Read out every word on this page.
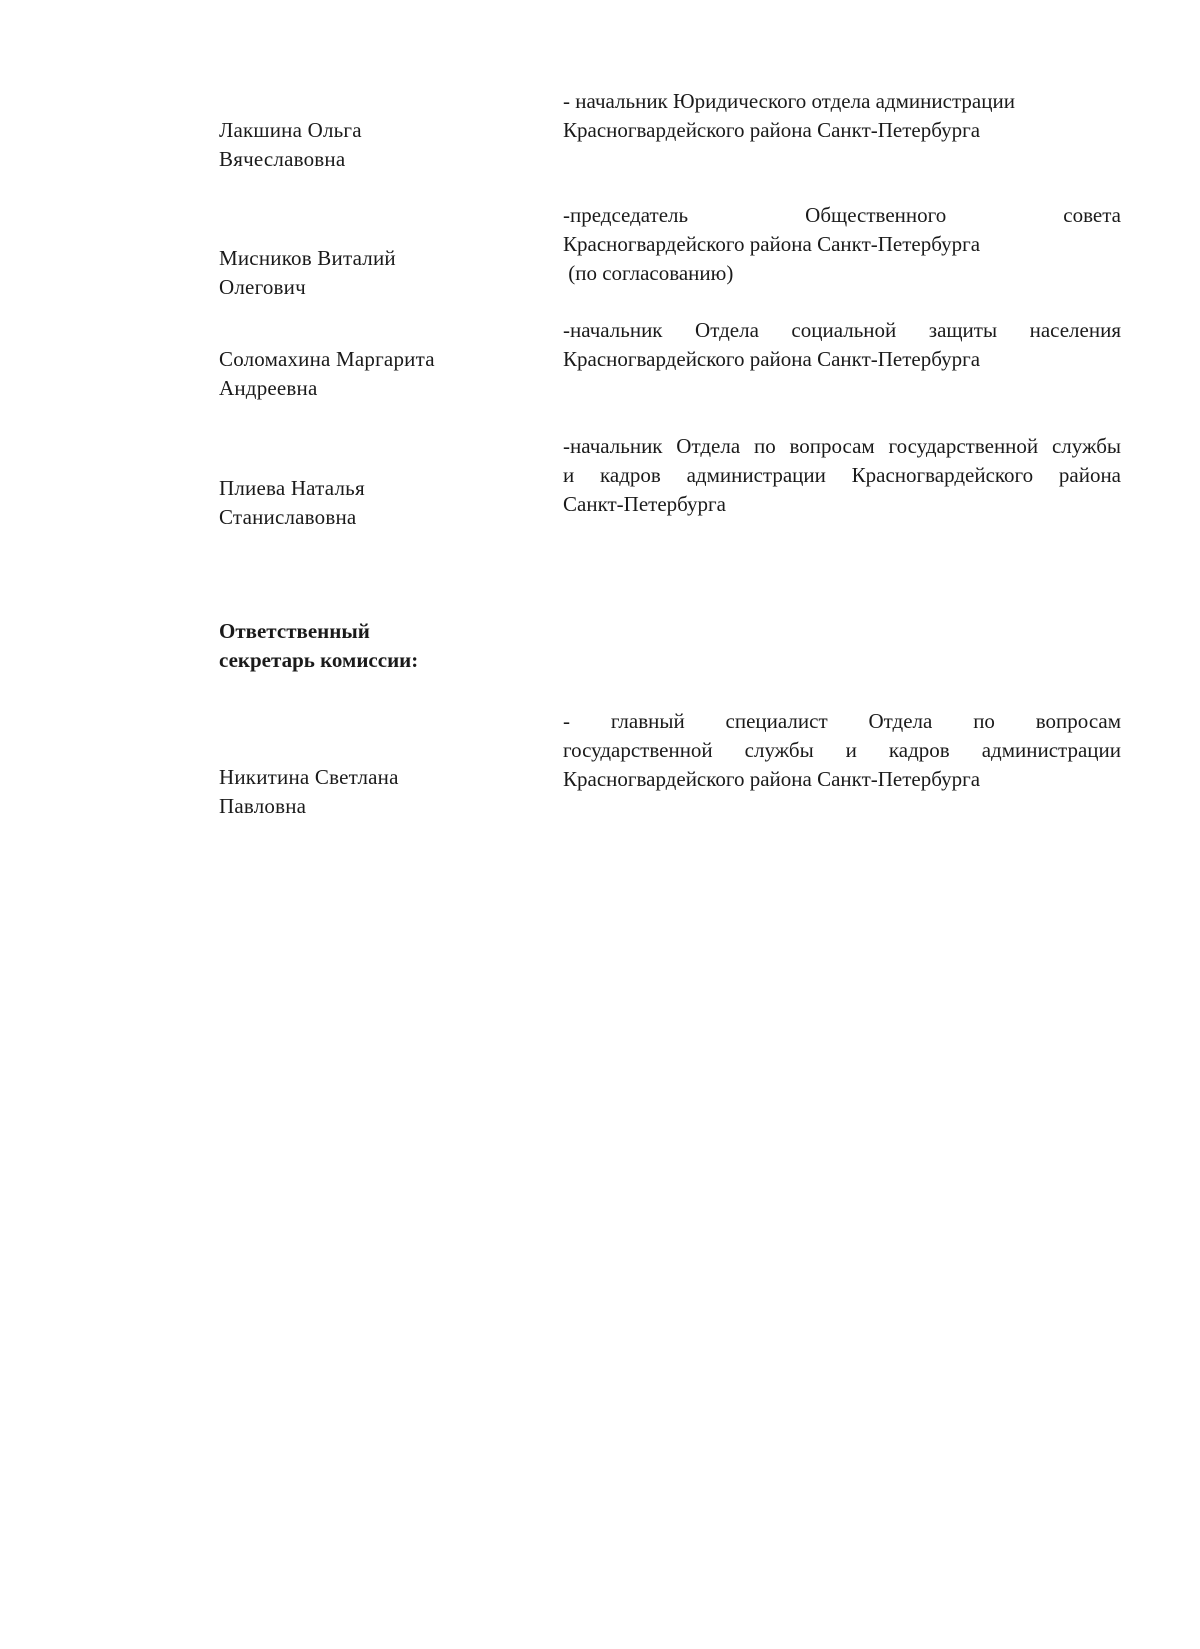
Лакшина Ольга
Вячеславовна
- начальник Юридического отдела администрации
Красногвардейского района Санкт-Петербурга
Мисников Виталий
Олегович
-председатель Общественного совета
Красногвардейского района Санкт-Петербурга
(по согласованию)
Соломахина Маргарита
Андреевна
-начальник Отдела социальной защиты населения
Красногвардейского района Санкт-Петербурга
Плиева Наталья
Станиславовна
-начальник Отдела по вопросам государственной службы
и кадров администрации Красногвардейского района
Санкт-Петербурга
Ответственный
секретарь комиссии:
Никитина Светлана
Павловна
- главный специалист Отдела по вопросам
государственной службы и кадров администрации
Красногвардейского района Санкт-Петербурга
